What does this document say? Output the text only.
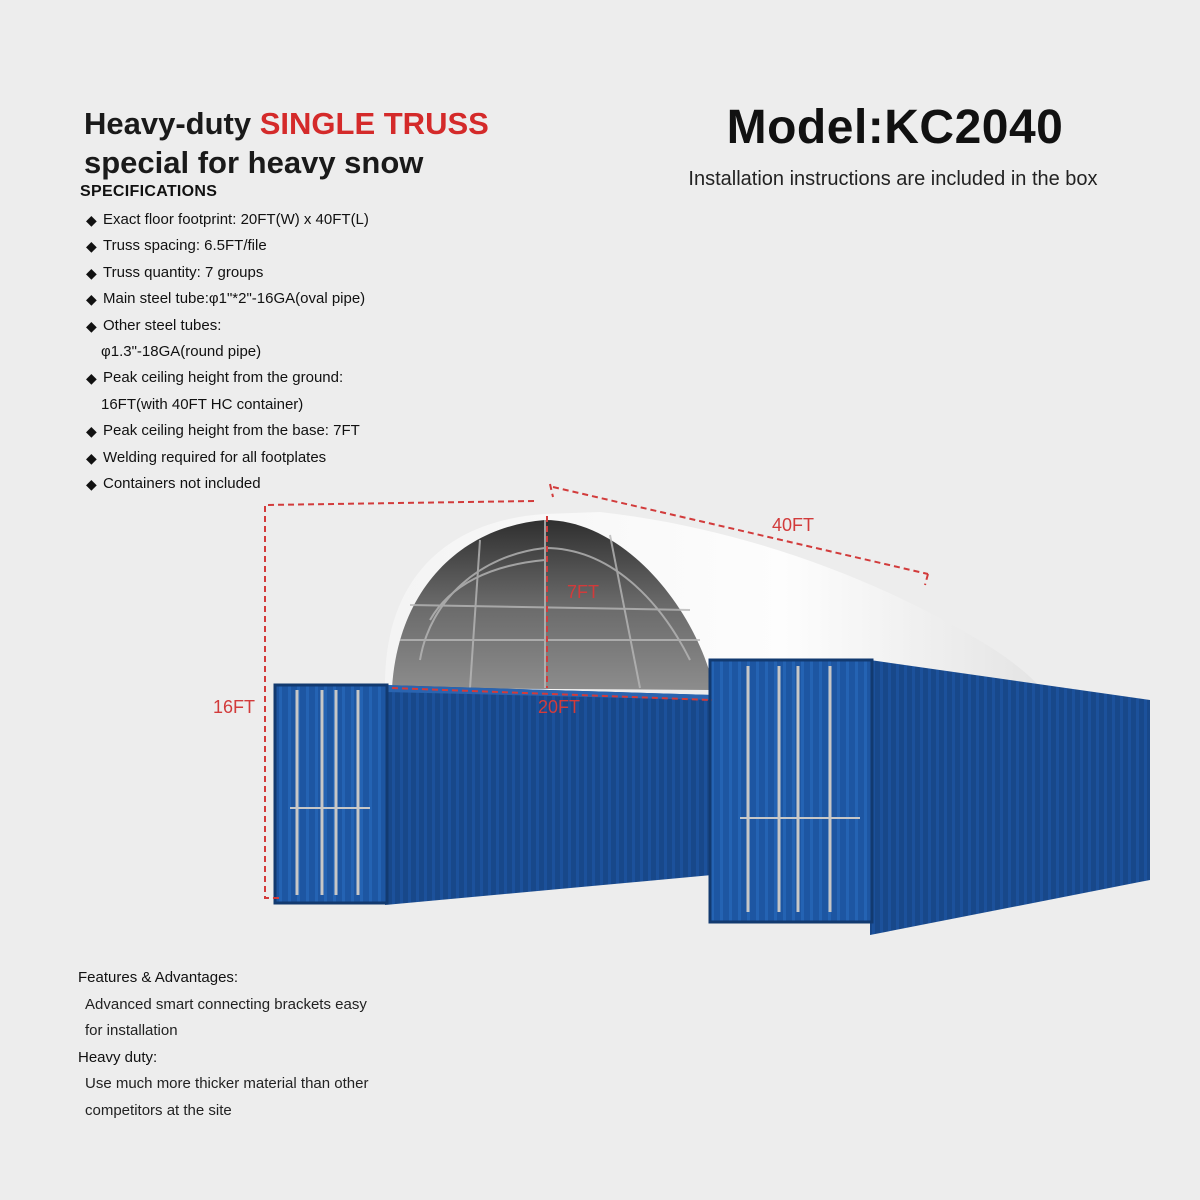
Heavy-duty SINGLE TRUSS
special for heavy snow
Model:KC2040
Installation instructions are included in the box
SPECIFICATIONS
◆ Exact floor footprint: 20FT(W) x 40FT(L)
◆ Truss spacing: 6.5FT/file
◆ Truss quantity: 7 groups
◆ Main steel tube:φ1"*2"-16GA(oval pipe)
◆ Other steel tubes:
φ1.3"-18GA(round pipe)
◆ Peak ceiling height from the ground:
16FT(with 40FT HC container)
◆ Peak ceiling height from the base: 7FT
◆ Welding required for all footplates
◆ Containers not included
40FT
7FT
20FT
16FT
Features & Advantages:
Advanced smart connecting brackets easy
for installation
Heavy duty:
Use much more thicker material than other
competitors at the site
